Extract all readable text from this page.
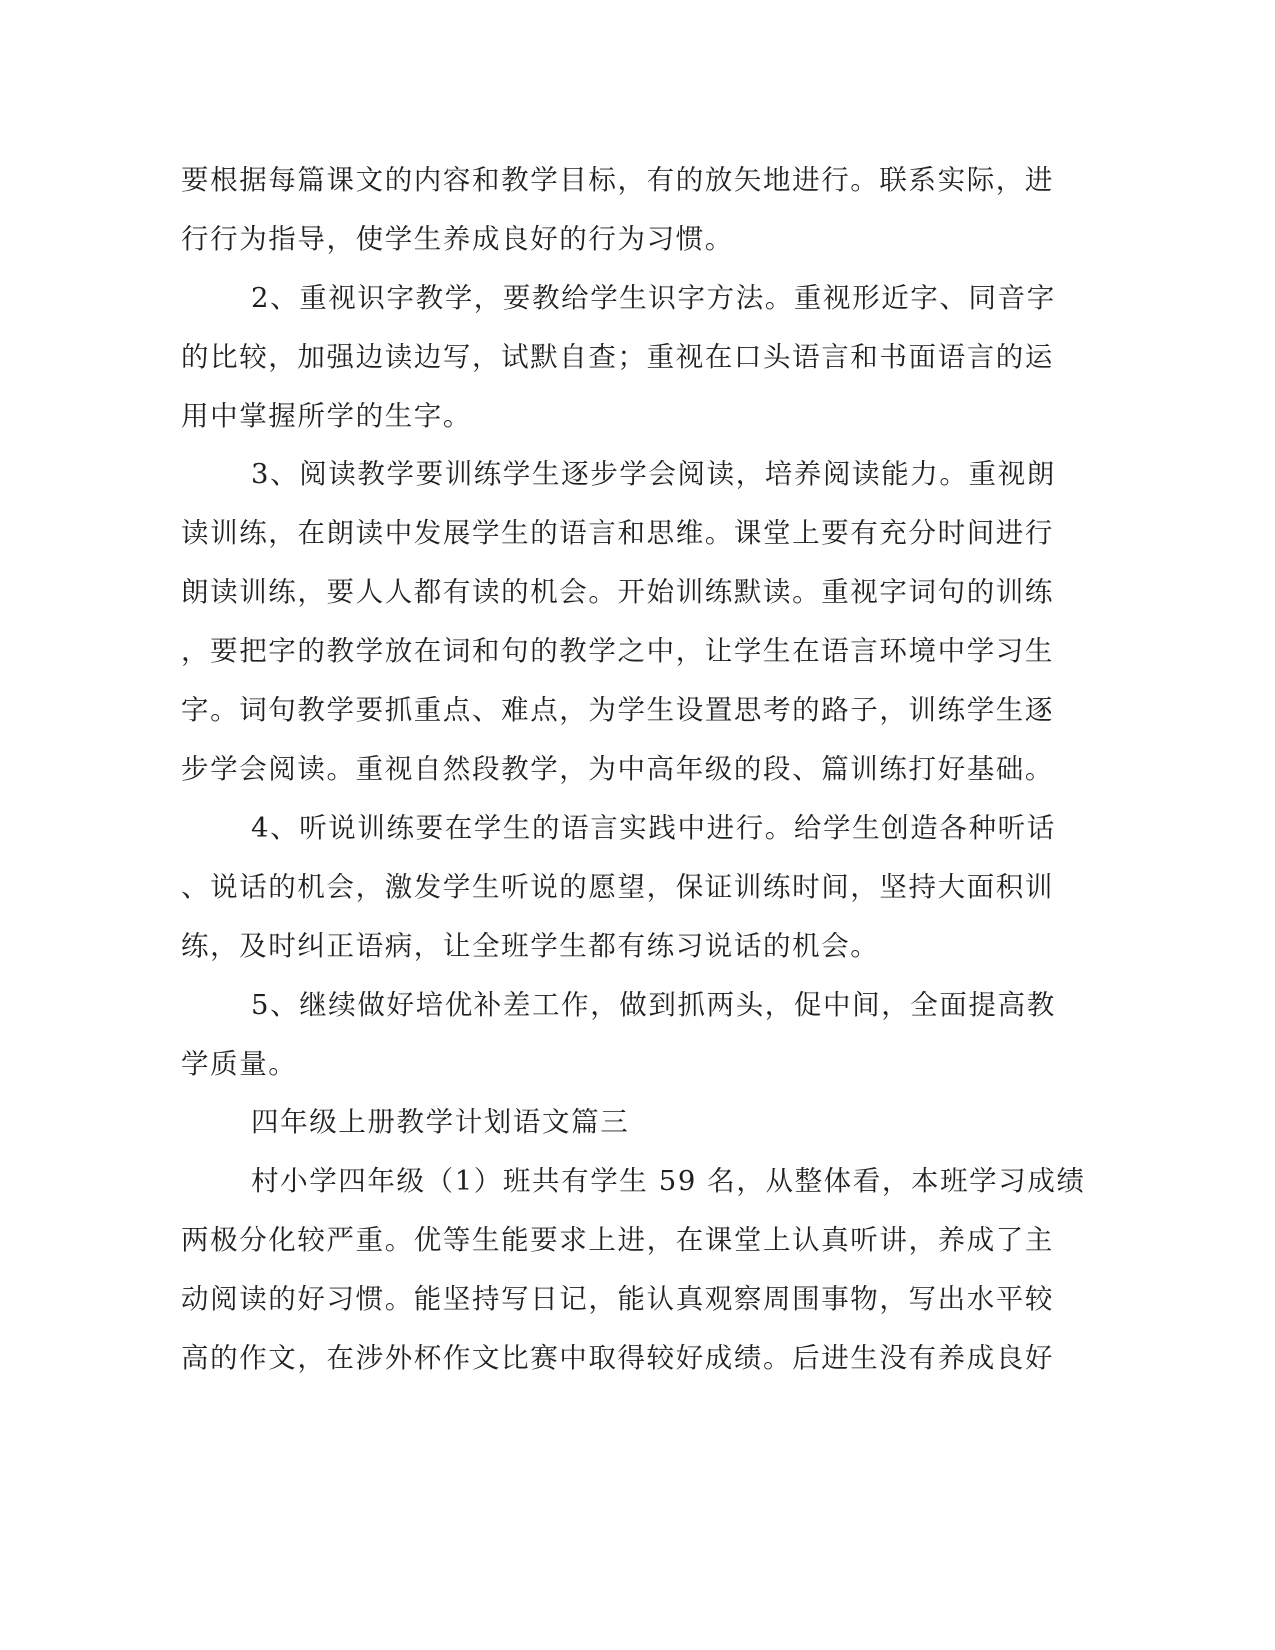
要根据每篇课文的内容和教学目标，有的放矢地进行。联系实际，进
行行为指导，使学生养成良好的行为习惯。
2、重视识字教学，要教给学生识字方法。重视形近字、同音字
的比较，加强边读边写，试默自查；重视在口头语言和书面语言的运
用中掌握所学的生字。
3、阅读教学要训练学生逐步学会阅读，培养阅读能力。重视朗
读训练，在朗读中发展学生的语言和思维。课堂上要有充分时间进行
朗读训练，要人人都有读的机会。开始训练默读。重视字词句的训练
，要把字的教学放在词和句的教学之中，让学生在语言环境中学习生
字。词句教学要抓重点、难点，为学生设置思考的路子，训练学生逐
步学会阅读。重视自然段教学，为中高年级的段、篇训练打好基础。
4、听说训练要在学生的语言实践中进行。给学生创造各种听话
、说话的机会，激发学生听说的愿望，保证训练时间，坚持大面积训
练，及时纠正语病，让全班学生都有练习说话的机会。
5、继续做好培优补差工作，做到抓两头，促中间，全面提高教
学质量。
四年级上册教学计划语文篇三
村小学四年级（1）班共有学生 59 名，从整体看，本班学习成绩
两极分化较严重。优等生能要求上进，在课堂上认真听讲，养成了主
动阅读的好习惯。能坚持写日记，能认真观察周围事物，写出水平较
高的作文，在涉外杯作文比赛中取得较好成绩。后进生没有养成良好
